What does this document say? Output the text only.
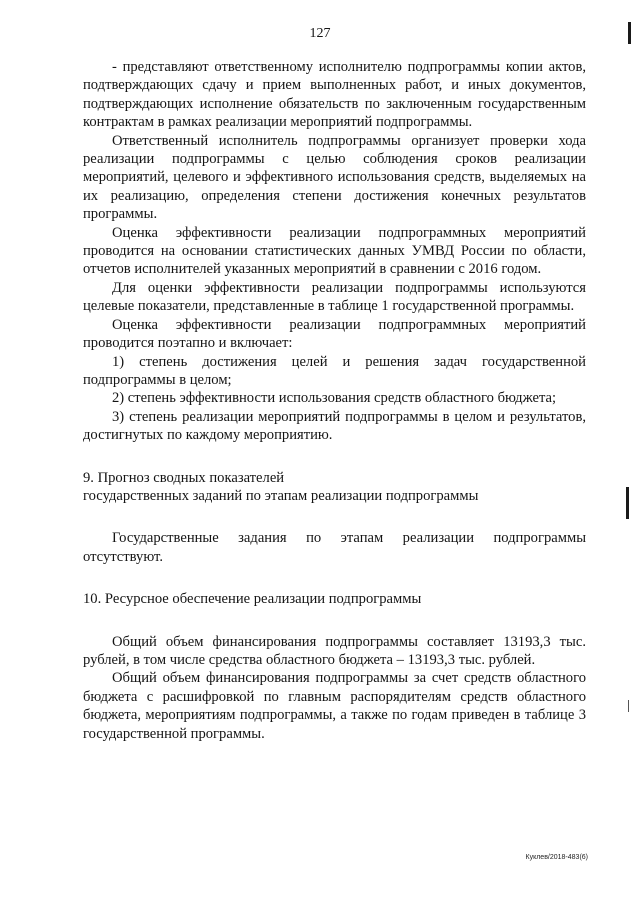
127

- представляют ответственному исполнителю подпрограммы копии актов, подтверждающих сдачу и прием выполненных работ, и иных документов, подтверждающих исполнение обязательств по заключенным государственным контрактам в рамках реализации мероприятий подпрограммы.

Ответственный исполнитель подпрограммы организует проверки хода реализации подпрограммы с целью соблюдения сроков реализации мероприятий, целевого и эффективного использования средств, выделяемых на их реализацию, определения степени достижения конечных результатов программы.

Оценка эффективности реализации подпрограммных мероприятий проводится на основании статистических данных УМВД России по области, отчетов исполнителей указанных мероприятий в сравнении с 2016 годом.

Для оценки эффективности реализации подпрограммы используются целевые показатели, представленные в таблице 1 государственной программы.

Оценка эффективности реализации подпрограммных мероприятий проводится поэтапно и включает:

1) степень достижения целей и решения задач государственной подпрограммы в целом;

2) степень эффективности использования средств областного бюджета;

3) степень реализации мероприятий подпрограммы в целом и результатов, достигнутых по каждому мероприятию.

9. Прогноз сводных показателей

государственных заданий по этапам реализации подпрограммы

Государственные задания по этапам реализации подпрограммы отсутствуют.

10. Ресурсное обеспечение реализации подпрограммы

Общий объем финансирования подпрограммы составляет 13193,3 тыс. рублей, в том числе средства областного бюджета – 13193,3 тыс. рублей.

Общий объем финансирования подпрограммы за счет средств областного бюджета с расшифровкой по главным распорядителям средств областного бюджета, мероприятиям подпрограммы, а также по годам приведен в таблице 3 государственной программы.

Куклев/2018-483(6)
